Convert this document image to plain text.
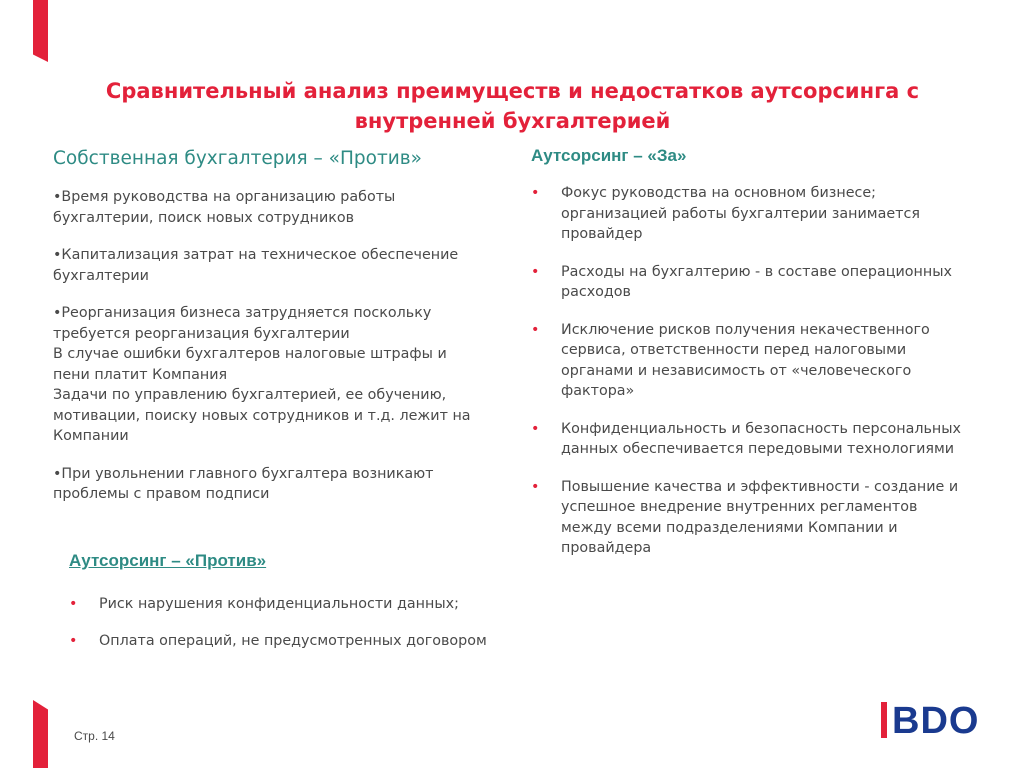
Сравнительный анализ преимуществ и недостатков аутсорсинга с
внутренней бухгалтерией
Собственная бухгалтерия – «Против»
•Время руководства на организацию работы
бухгалтерии, поиск новых сотрудников
•Капитализация затрат на техническое обеспечение
бухгалтерии
•Реорганизация бизнеса затрудняется поскольку
требуется реорганизация бухгалтерии
В случае ошибки бухгалтеров налоговые штрафы и
пени платит Компания
Задачи по управлению бухгалтерией, ее обучению,
мотивации, поиску новых сотрудников и т.д. лежит на
Компании
•При увольнении главного бухгалтера возникают
проблемы с правом подписи
Аутсорсинг – «За»
• Фокус руководства на основном бизнесе;
организацией работы бухгалтерии занимается
провайдер
• Расходы на бухгалтерию - в составе операционных
расходов
• Исключение рисков получения некачественного
сервиса, ответственности перед налоговыми
органами и независимость от «человеческого
фактора»
• Конфиденциальность и безопасность персональных
данных обеспечивается передовыми технологиями
• Повышение качества и эффективности - создание и
успешное внедрение внутренних регламентов
между всеми подразделениями Компании и
провайдера
Аутсорсинг – «Против»
• Риск нарушения конфиденциальности данных;
• Оплата операций, не предусмотренных договором
Стр. 14	BDO
